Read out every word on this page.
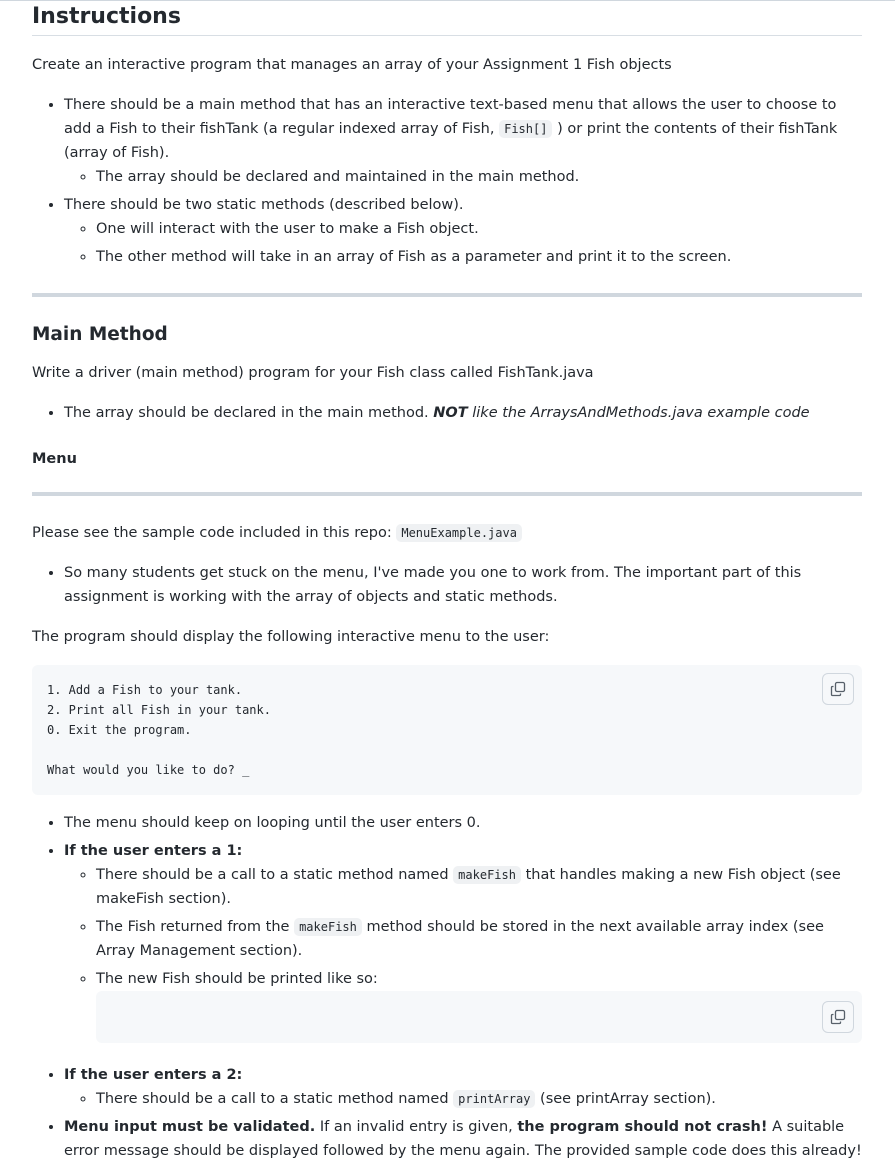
Instructions

Create an interactive program that manages an array of your Assignment 1 Fish objects

• There should be a main method that has an interactive text-based menu that allows the user to choose to add a Fish to their fishTank (a regular indexed array of Fish, Fish[] ) or print the contents of their fishTank (array of Fish).
◦ The array should be declared and maintained in the main method.
• There should be two static methods (described below).
◦ One will interact with the user to make a Fish object.
◦ The other method will take in an array of Fish as a parameter and print it to the screen.
Main Method

Write a driver (main method) program for your Fish class called FishTank.java

• The array should be declared in the main method. NOT like the ArraysAndMethods.java example code
Menu

Please see the sample code included in this repo: MenuExample.java

• So many students get stuck on the menu, I've made you one to work from. The important part of this assignment is working with the array of objects and static methods.

The program should display the following interactive menu to the user:

1. Add a Fish to your tank.
2. Print all Fish in your tank.
0. Exit the program.

What would you like to do? _
• The menu should keep on looping until the user enters 0.
• If the user enters a 1:
◦ There should be a call to a static method named makeFish that handles making a new Fish object (see makeFish section).
◦ The Fish returned from the makeFish method should be stored in the next available array index (see Array Management section).
◦ The new Fish should be printed like so:
• If the user enters a 2:
◦ There should be a call to a static method named printArray (see printArray section).
• Menu input must be validated. If an invalid entry is given, the program should not crash! A suitable error message should be displayed followed by the menu again. The provided sample code does this already!
